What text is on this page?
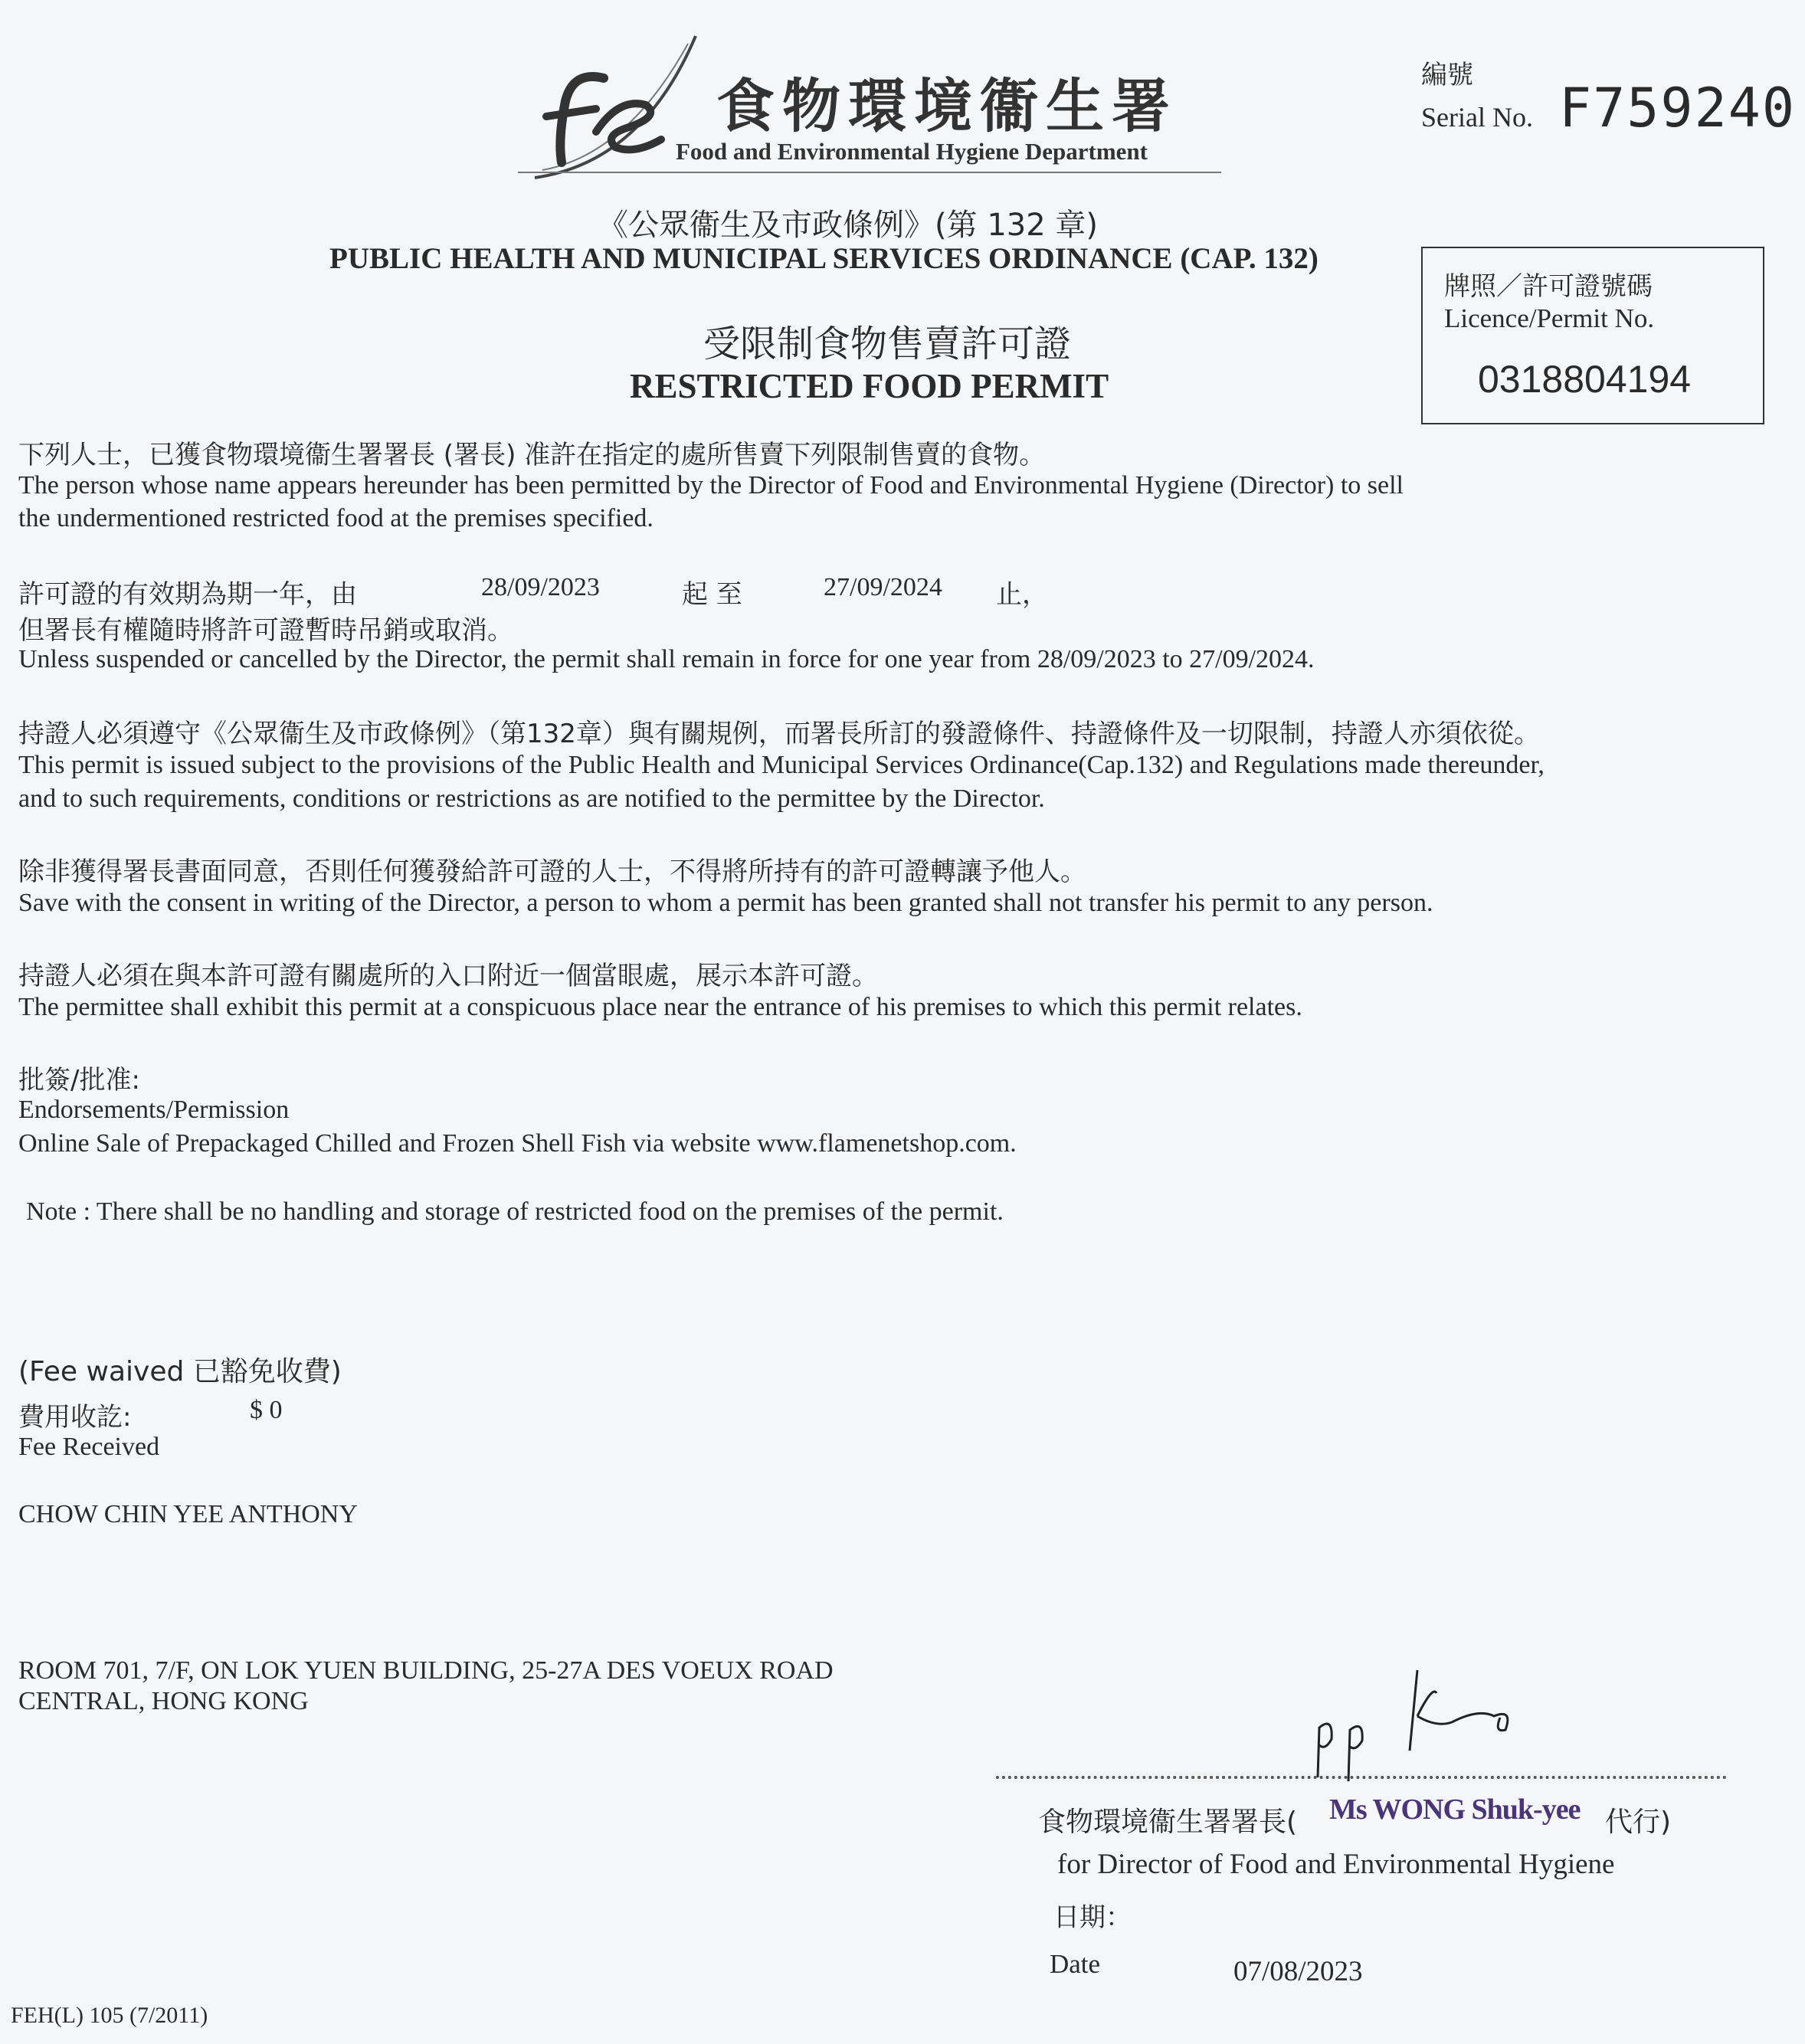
食物環境衞生署
Food and Environmental Hygiene Department
編號
Serial No. F759240
《公眾衞生及市政條例》(第 132 章)
PUBLIC HEALTH AND MUNICIPAL SERVICES ORDINANCE (CAP. 132)
受限制食物售賣許可證
RESTRICTED FOOD PERMIT
牌照／許可證號碼
Licence/Permit No.
0318804194
下列人士，已獲食物環境衞生署署長 (署長) 准許在指定的處所售賣下列限制售賣的食物。
The person whose name appears hereunder has been permitted by the Director of Food and Environmental Hygiene (Director) to sell
the undermentioned restricted food at the premises specified.
許可證的有效期為期一年，由	28/09/2023	起 至	27/09/2024 止，
但署長有權隨時將許可證暫時吊銷或取消。
Unless suspended or cancelled by the Director, the permit shall remain in force for one year from 28/09/2023 to 27/09/2024.
持證人必須遵守《公眾衞生及市政條例》（第132章）與有關規例，而署長所訂的發證條件、持證條件及一切限制，持證人亦須依從。
This permit is issued subject to the provisions of the Public Health and Municipal Services Ordinance(Cap.132) and Regulations made thereunder,
and to such requirements, conditions or restrictions as are notified to the permittee by the Director.
除非獲得署長書面同意，否則任何獲發給許可證的人士，不得將所持有的許可證轉讓予他人。
Save with the consent in writing of the Director, a person to whom a permit has been granted shall not transfer his permit to any person.
持證人必須在與本許可證有關處所的入口附近一個當眼處，展示本許可證。
The permittee shall exhibit this permit at a conspicuous place near the entrance of his premises to which this permit relates.
批簽/批准:
Endorsements/Permission
Online Sale of Prepackaged Chilled and Frozen Shell Fish via website www.flamenetshop.com.
Note : There shall be no handling and storage of restricted food on the premises of the permit.
(Fee waived 已豁免收費)
費用收訖:	$ 0
Fee Received
CHOW CHIN YEE ANTHONY
ROOM 701, 7/F, ON LOK YUEN BUILDING, 25-27A DES VOEUX ROAD
CENTRAL, HONG KONG
食物環境衞生署署長( Ms WONG Shuk-yee 代行)
for Director of Food and Environmental Hygiene
日期：
Date	07/08/2023
FEH(L) 105 (7/2011)
